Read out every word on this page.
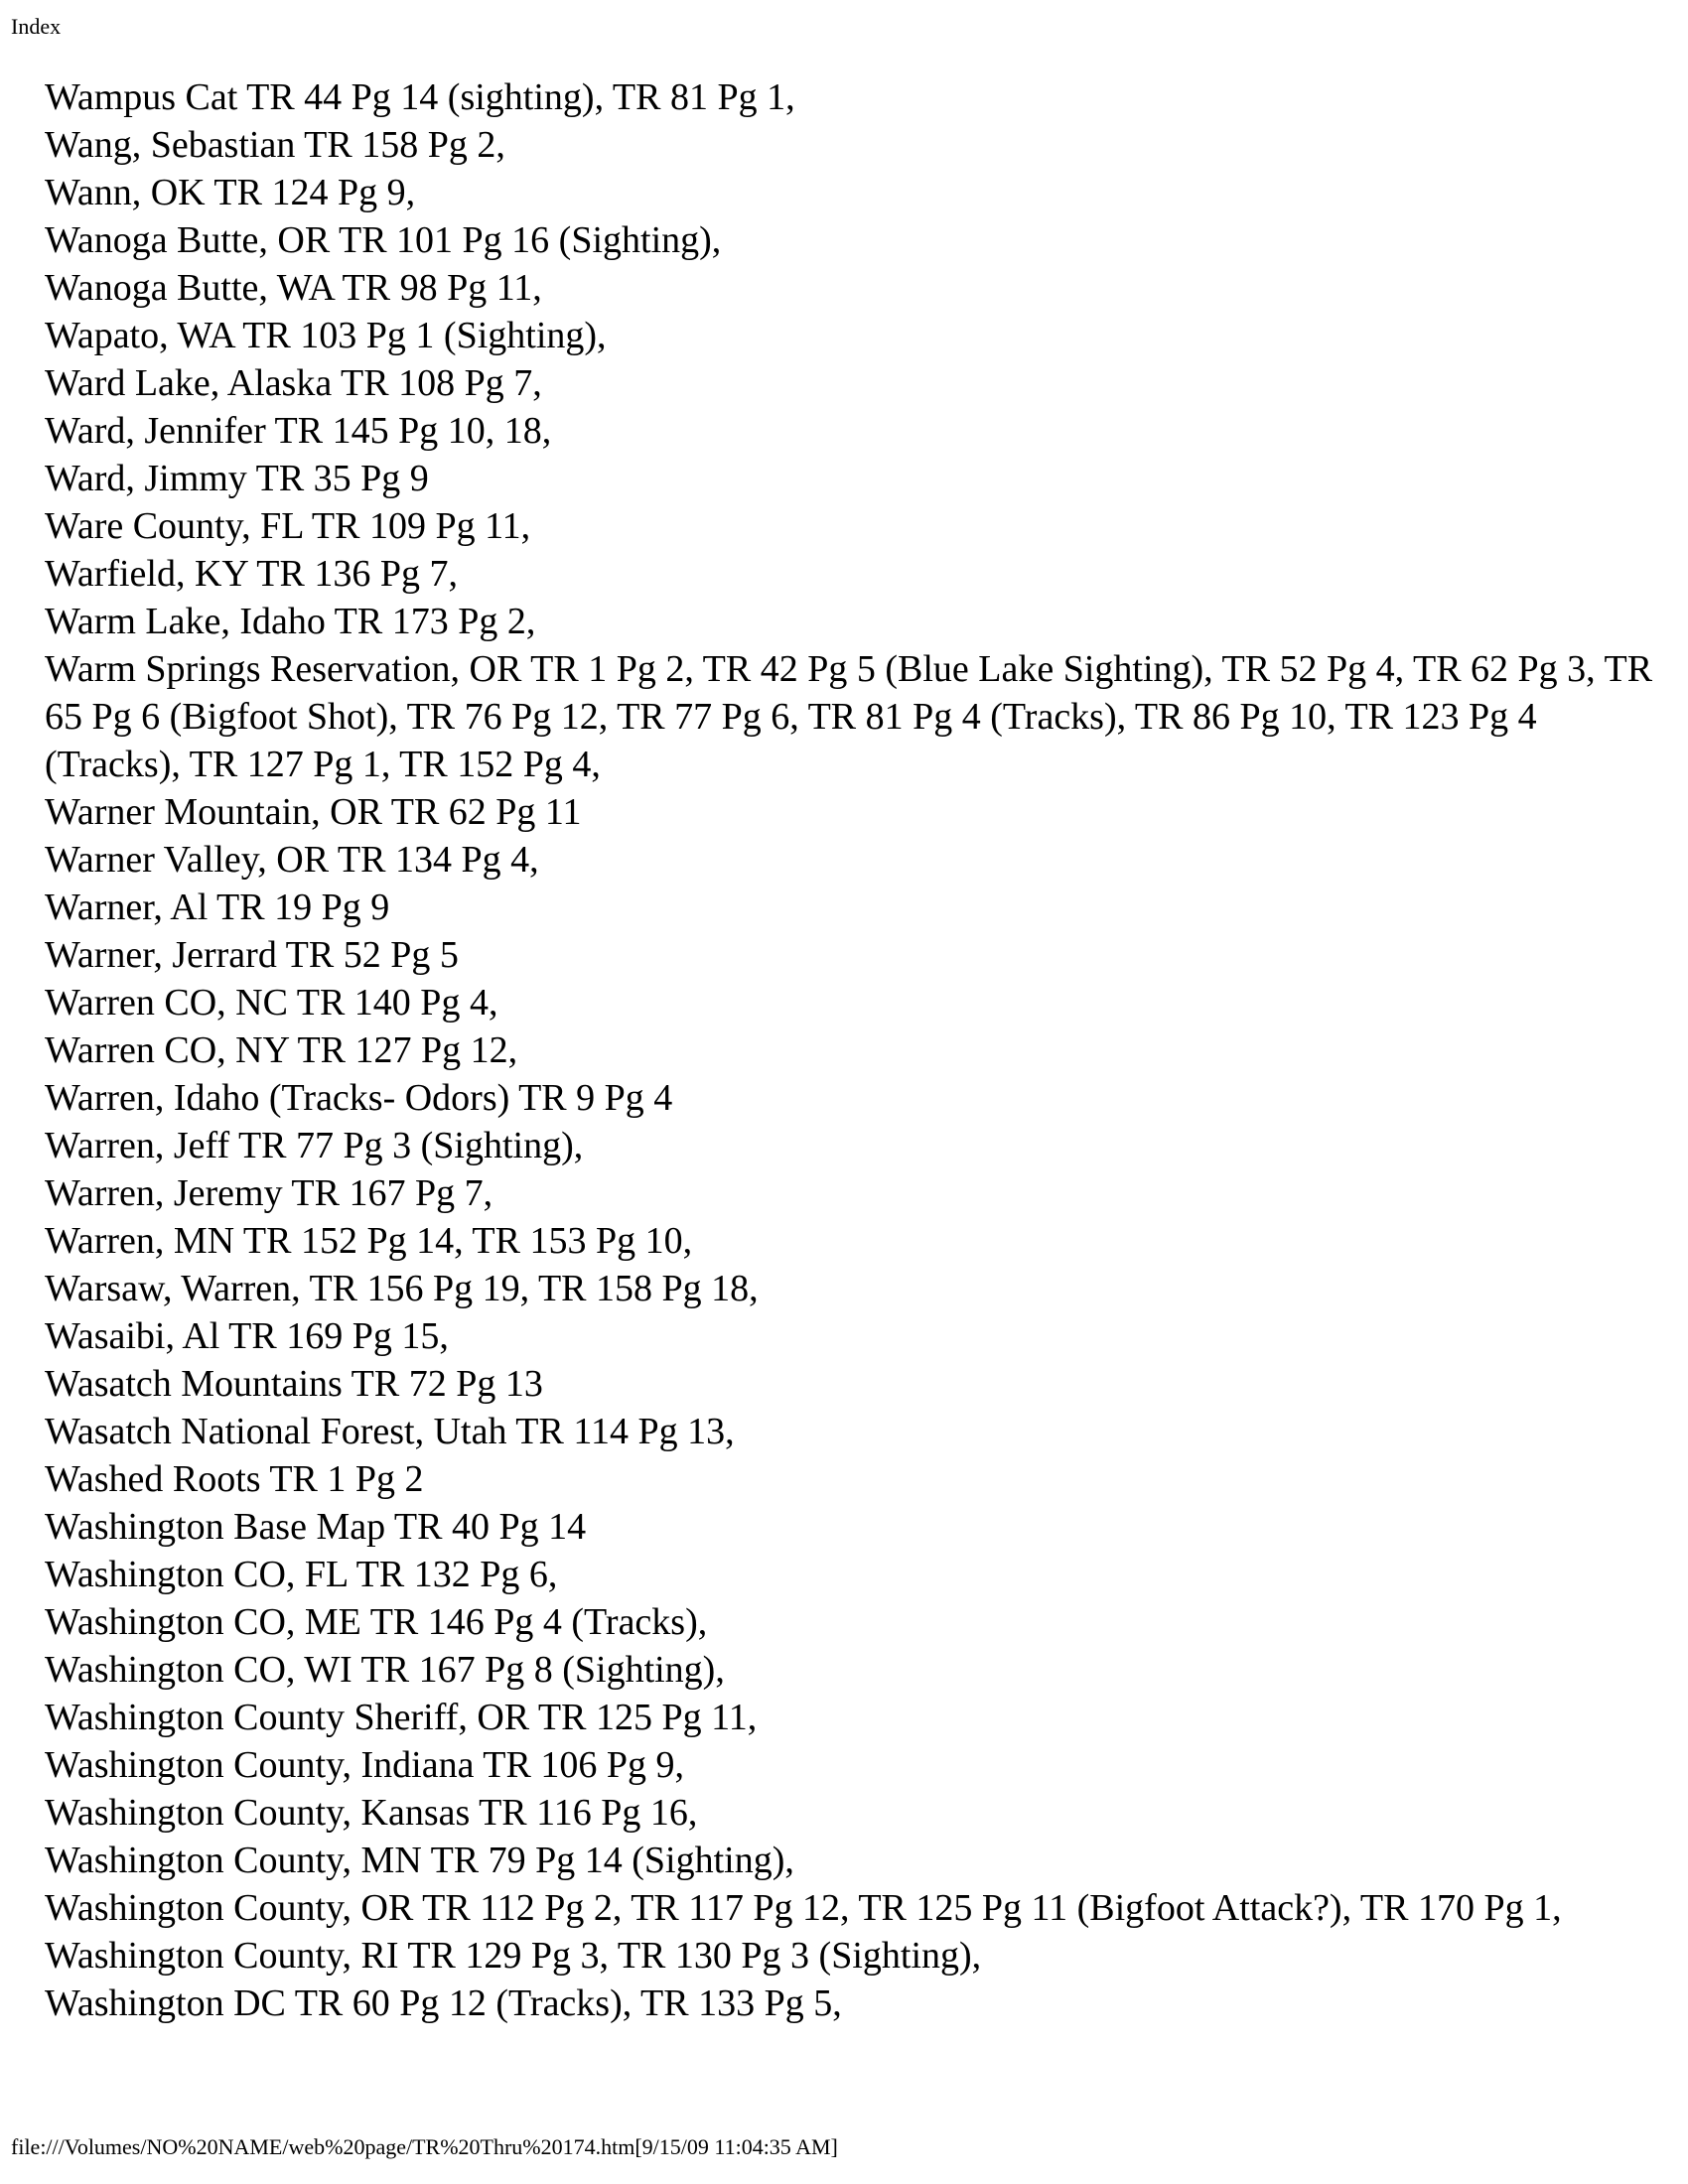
Index
Wampus Cat TR 44 Pg 14 (sighting), TR 81 Pg 1,
Wang, Sebastian TR 158 Pg 2,
Wann, OK TR 124 Pg 9,
Wanoga Butte, OR TR 101 Pg 16 (Sighting),
Wanoga Butte, WA TR 98 Pg 11,
Wapato, WA TR 103 Pg 1 (Sighting),
Ward Lake, Alaska TR 108 Pg 7,
Ward, Jennifer TR 145 Pg 10, 18,
Ward, Jimmy TR 35 Pg 9
Ware County, FL TR 109 Pg 11,
Warfield, KY TR 136 Pg 7,
Warm Lake, Idaho TR 173 Pg 2,
Warm Springs Reservation, OR TR 1 Pg 2, TR 42 Pg 5 (Blue Lake Sighting), TR 52 Pg 4, TR 62 Pg 3, TR 65 Pg 6 (Bigfoot Shot), TR 76 Pg 12, TR 77 Pg 6, TR 81 Pg 4 (Tracks), TR 86 Pg 10, TR 123 Pg 4 (Tracks), TR 127 Pg 1, TR 152 Pg 4,
Warner Mountain, OR TR 62 Pg 11
Warner Valley, OR TR 134 Pg 4,
Warner, Al TR 19 Pg 9
Warner, Jerrard TR 52 Pg 5
Warren CO, NC TR 140 Pg 4,
Warren CO, NY TR 127 Pg 12,
Warren, Idaho (Tracks- Odors) TR 9 Pg 4
Warren, Jeff TR 77 Pg 3 (Sighting),
Warren, Jeremy TR 167 Pg 7,
Warren, MN TR 152 Pg 14, TR 153 Pg 10,
Warsaw, Warren, TR 156 Pg 19, TR 158 Pg 18,
Wasaibi, Al TR 169 Pg 15,
Wasatch Mountains TR 72 Pg 13
Wasatch National Forest, Utah TR 114 Pg 13,
Washed Roots TR 1 Pg 2
Washington Base Map TR 40 Pg 14
Washington CO, FL TR 132 Pg 6,
Washington CO, ME TR 146 Pg 4 (Tracks),
Washington CO, WI TR 167 Pg 8 (Sighting),
Washington County Sheriff, OR TR 125 Pg 11,
Washington County, Indiana TR 106 Pg 9,
Washington County, Kansas TR 116 Pg 16,
Washington County, MN TR 79 Pg 14 (Sighting),
Washington County, OR TR 112 Pg 2, TR 117 Pg 12, TR 125 Pg 11 (Bigfoot Attack?), TR 170 Pg 1,
Washington County, RI TR 129 Pg 3, TR 130 Pg 3 (Sighting),
Washington DC TR 60 Pg 12 (Tracks), TR 133 Pg 5,
file:///Volumes/NO%20NAME/web%20page/TR%20Thru%20174.htm[9/15/09 11:04:35 AM]
